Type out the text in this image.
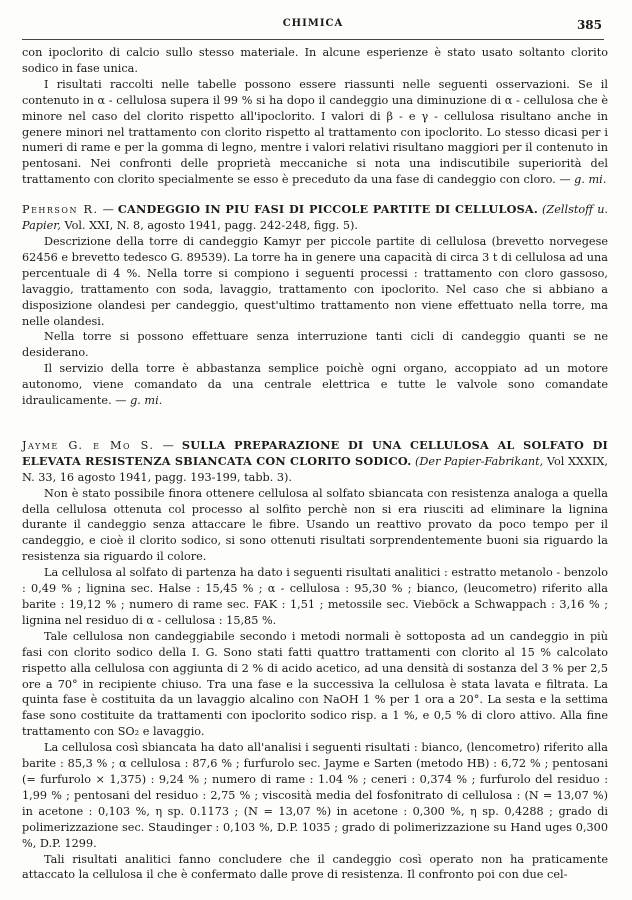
CHIMICA	385

con ipoclorito di calcio sullo stesso materiale. In alcune esperienze è stato usato soltanto clorito sodico in fase unica.

I risultati raccolti nelle tabelle possono essere riassunti nelle seguenti osservazioni. Se il contenuto in α - cellulosa supera il 99 % si ha dopo il candeggio una diminuzione di α - cellulosa che è minore nel caso del clorito rispetto all'ipoclorito. I valori di β - e γ - cellulosa risultano anche in genere minori nel trattamento con clorito rispetto al trattamento con ipoclorito. Lo stesso dicasi per i numeri di rame e per la gomma di legno, mentre i valori relativi risultano maggiori per il contenuto in pentosani. Nei confronti delle proprietà meccaniche si nota una indiscutibile superiorità del trattamento con clorito specialmente se esso è preceduto da una fase di candeggio con cloro. — g. mi.

Pehrson R. — CANDEGGIO IN PIU FASI DI PICCOLE PARTITE DI CELLULOSA. (Zellstoff u. Papier, Vol. XXI, N. 8, agosto 1941, pagg. 242-248, figg. 5).

Descrizione della torre di candeggio Kamyr per piccole partite di cellulosa (brevetto norvegese 62456 e brevetto tedesco G. 89539). La torre ha in genere una capacità di circa 3 t di cellulosa ad una percentuale di 4 %. Nella torre si compiono i seguenti processi : trattamento con cloro gassoso, lavaggio, trattamento con soda, lavaggio, trattamento con ipoclorito. Nel caso che si abbiano a disposizione olandesi per candeggio, quest'ultimo trattamento non viene effettuato nella torre, ma nelle olandesi.

Nella torre si possono effettuare senza interruzione tanti cicli di candeggio quanti se ne desiderano.

Il servizio della torre è abbastanza semplice poichè ogni organo, accoppiato ad un motore autonomo, viene comandato da una centrale elettrica e tutte le valvole sono comandate idraulicamente. — g. mi.

Jayme G. e Mo S. — SULLA PREPARAZIONE DI UNA CELLULOSA AL SOLFATO DI ELEVATA RESISTENZA SBIANCATA CON CLORITO SODICO. (Der Papier-Fabrikant, Vol XXXIX, N. 33, 16 agosto 1941, pagg. 193-199, tabb. 3).

Non è stato possibile finora ottenere cellulosa al solfato sbiancata con resistenza analoga a quella della cellulosa ottenuta col processo al solfito perchè non si era riusciti ad eliminare la lignina durante il candeggio senza attaccare le fibre. Usando un reattivo provato da poco tempo per il candeggio, e cioè il clorito sodico, si sono ottenuti risultati sorprendentemente buoni sia riguardo la resistenza sia riguardo il colore.

La cellulosa al solfato di partenza ha dato i seguenti risultati analitici : estratto metanolo - benzolo : 0,49 % ; lignina sec. Halse : 15,45 % ; α - cellulosa : 95,30 % ; bianco, (leucometro) riferito alla barite : 19,12 % ; numero di rame sec. FAK : 1,51 ; metossile sec. Vieböck a Schwappach : 3,16 % ; lignina nel residuo di α - cellulosa : 15,85 %.

Tale cellulosa non candeggiabile secondo i metodi normali è sottoposta ad un candeggio in più fasi con clorito sodico della I. G. Sono stati fatti quattro trattamenti con clorito al 15 % calcolato rispetto alla cellulosa con aggiunta di 2 % di acido acetico, ad una densità di sostanza del 3 % per 2,5 ore a 70° in recipiente chiuso. Tra una fase e la successiva la cellulosa è stata lavata e filtrata. La quinta fase è costituita da un lavaggio alcalino con NaOH 1 % per 1 ora a 20°. La sesta e la settima fase sono costituite da trattamenti con ipoclorito sodico risp. a 1 %, e 0,5 % di cloro attivo. Alla fine trattamento con SO₂ e lavaggio.

La cellulosa così sbiancata ha dato all'analisi i seguenti risultati : bianco, (lencometro) riferito alla barite : 85,3 % ; α cellulosa : 87,6 % ; furfurolo sec. Jayme e Sarten (metodo HB) : 6,72 % ; pentosani (= furfurolo × 1,375) : 9,24 % ; numero di rame : 1.04 % ; ceneri : 0,374 % ; furfurolo del residuo : 1,99 % ; pentosani del residuo : 2,75 % ; viscosità media del fosfonitrato di cellulosa : (N = 13,07 %) in acetone : 0,103 %, η sp. 0.1173 ; (N = 13,07 %) in acetone : 0,300 %, η sp. 0,4288 ; grado di polimerizzazione sec. Staudinger : 0,103 %, D.P. 1035 ; grado di polimerizzazione su Hand uges 0,300 %, D.P. 1299.

Tali risultati analitici fanno concludere che il candeggio così operato non ha praticamente attaccato la cellulosa il che è confermato dalle prove di resistenza. Il confronto poi con due cel-
